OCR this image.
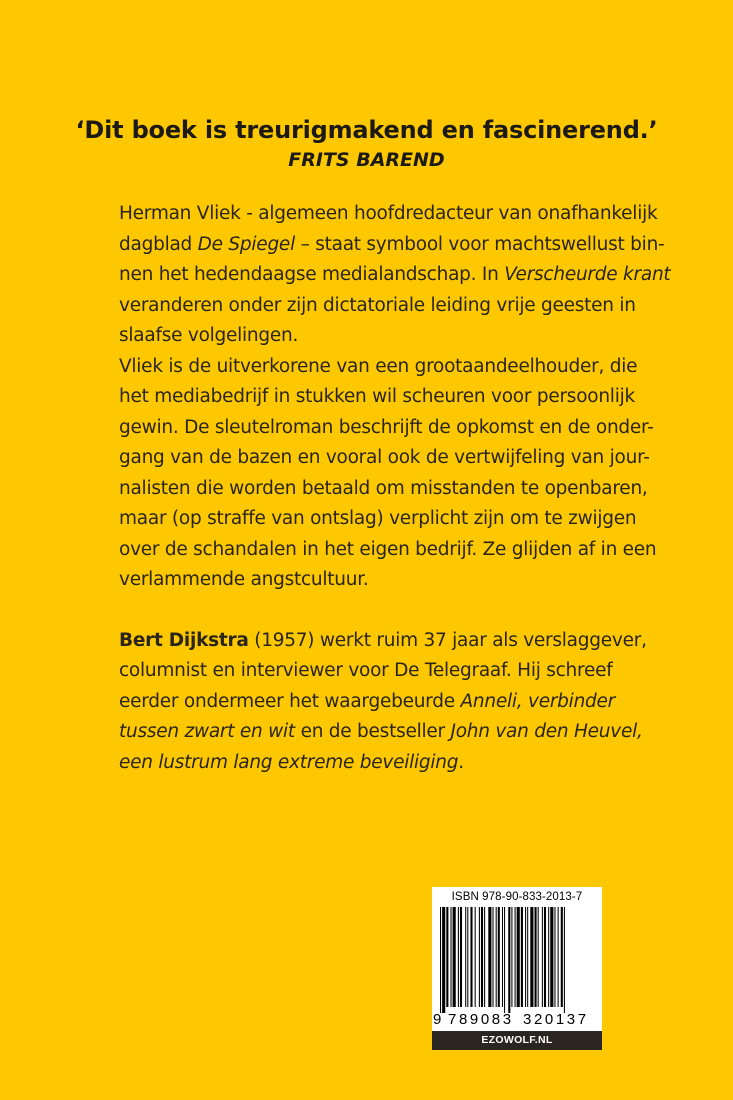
‘Dit boek is treurigmakend en fascinerend.’
FRITS BAREND
Herman Vliek - algemeen hoofdredacteur van onafhankelijk
dagblad De Spiegel – staat symbool voor machtswellust bin-
nen het hedendaagse medialandschap. In Verscheurde krant
veranderen onder zijn dictatoriale leiding vrije geesten in
slaafse volgelingen.
Vliek is de uitverkorene van een grootaandeelhouder, die
het mediabedrijf in stukken wil scheuren voor persoonlijk
gewin. De sleutelroman beschrijft de opkomst en de onder-
gang van de bazen en vooral ook de vertwijfeling van jour-
nalisten die worden betaald om misstanden te openbaren,
maar (op straffe van ontslag) verplicht zijn om te zwijgen
over de schandalen in het eigen bedrijf. Ze glijden af in een
verlammende angstcultuur.
Bert Dijkstra (1957) werkt ruim 37 jaar als verslaggever,
columnist en interviewer voor De Telegraaf. Hij schreef
eerder ondermeer het waargebeurde Anneli, verbinder
tussen zwart en wit en de bestseller John van den Heuvel,
een lustrum lang extreme beveiliging.
ISBN 978-90-833-2013-7
9 789083 320137
EZOWOLF.NL
